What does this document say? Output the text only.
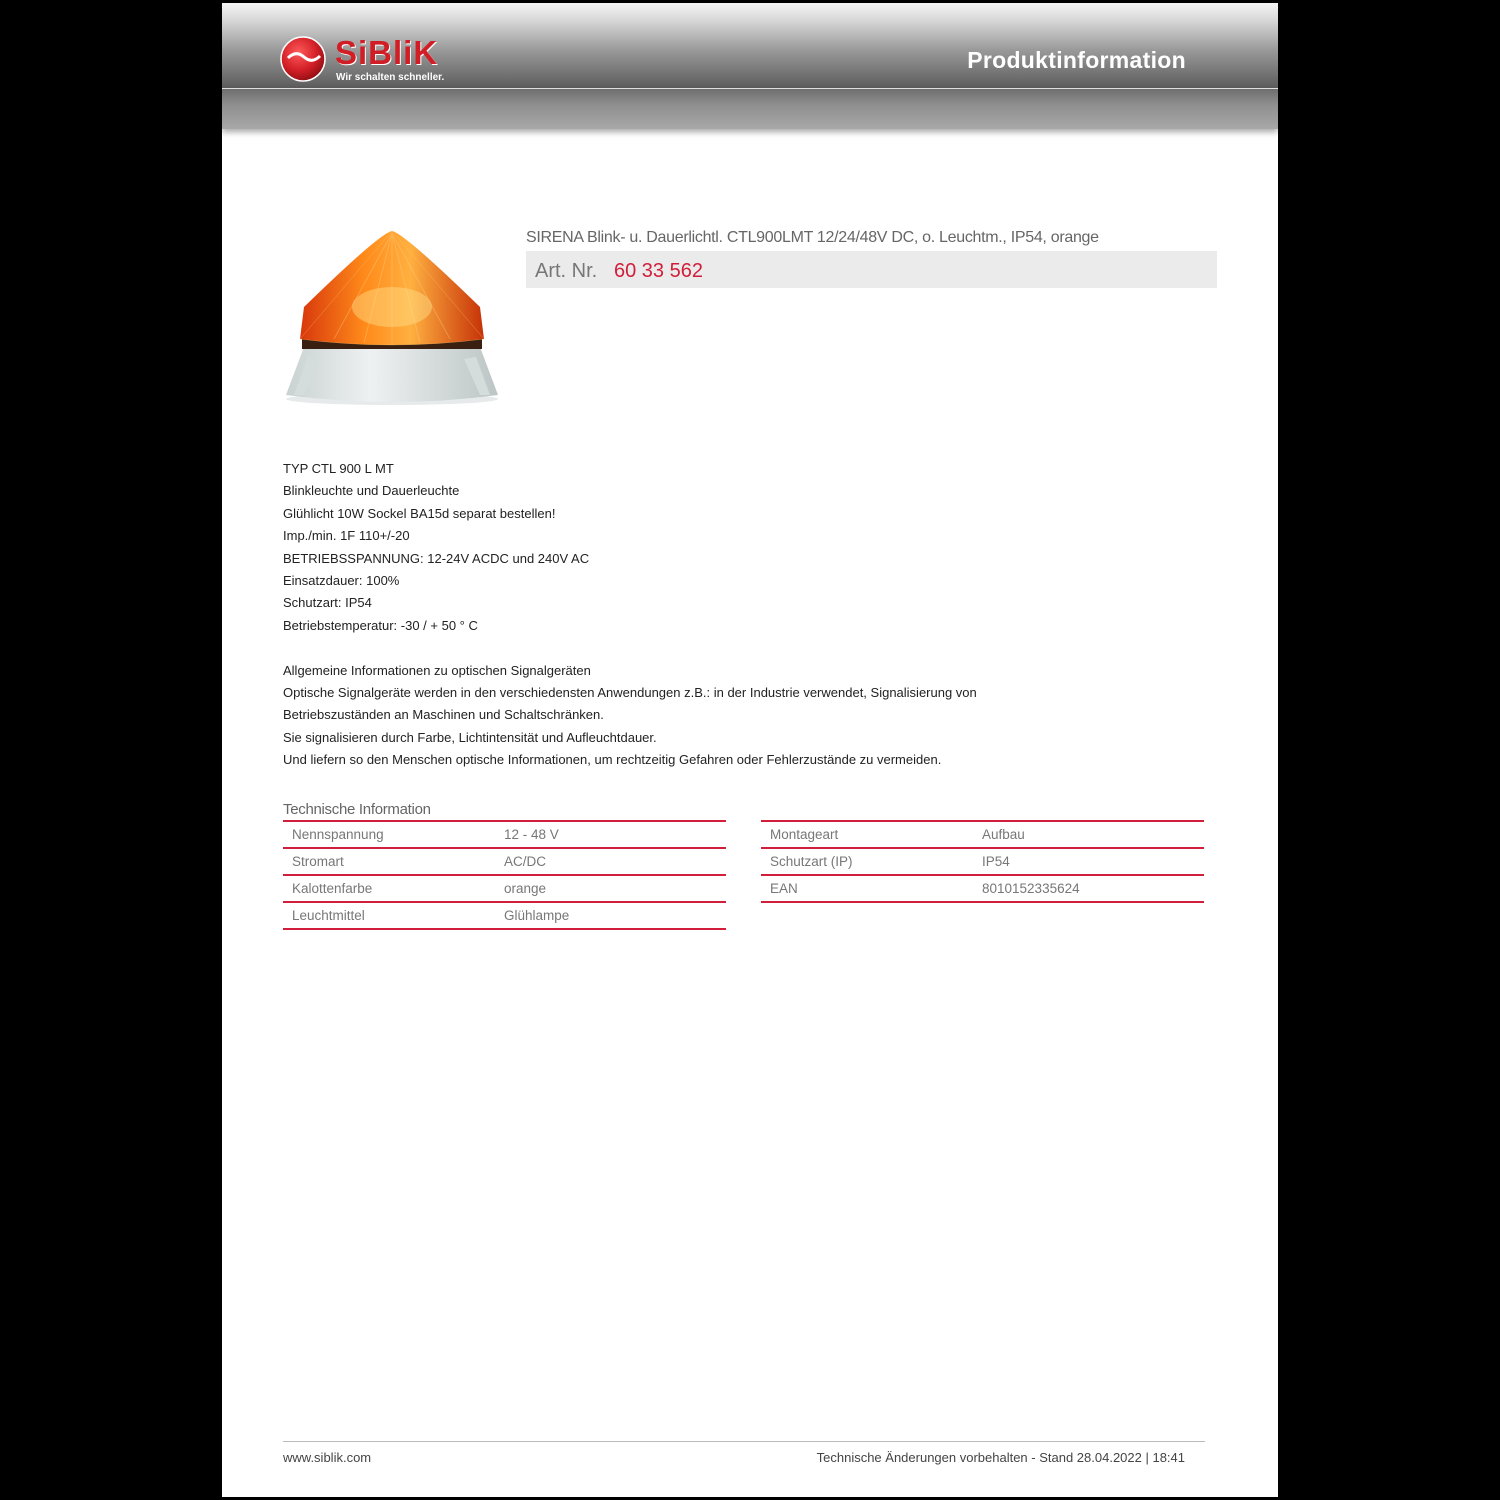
SiBliK
Wir schalten schneller.
Produktinformation
SIRENA Blink- u. Dauerlichtl. CTL900LMT 12/24/48V DC, o. Leuchtm., IP54, orange
Art. Nr. 60 33 562
TYP CTL 900 L MT
Blinkleuchte und Dauerleuchte
Glühlicht 10W Sockel BA15d separat bestellen!
Imp./min. 1F 110+/-20
BETRIEBSSPANNUNG: 12-24V ACDC und 240V AC
Einsatzdauer: 100%
Schutzart: IP54
Betriebstemperatur: -30 / + 50 ° C
Allgemeine Informationen zu optischen Signalgeräten
Optische Signalgeräte werden in den verschiedensten Anwendungen z.B.: in der Industrie verwendet, Signalisierung von
Betriebszuständen an Maschinen und Schaltschränken.
Sie signalisieren durch Farbe, Lichtintensität und Aufleuchtdauer.
Und liefern so den Menschen optische Informationen, um rechtzeitig Gefahren oder Fehlerzustände zu vermeiden.
Technische Information
Nennspannung	12 - 48 V
Stromart	AC/DC
Kalottenfarbe	orange
Leuchtmittel	Glühlampe
Montageart	Aufbau
Schutzart (IP)	IP54
EAN	8010152335624
www.siblik.com	Technische Änderungen vorbehalten - Stand 28.04.2022 | 18:41
